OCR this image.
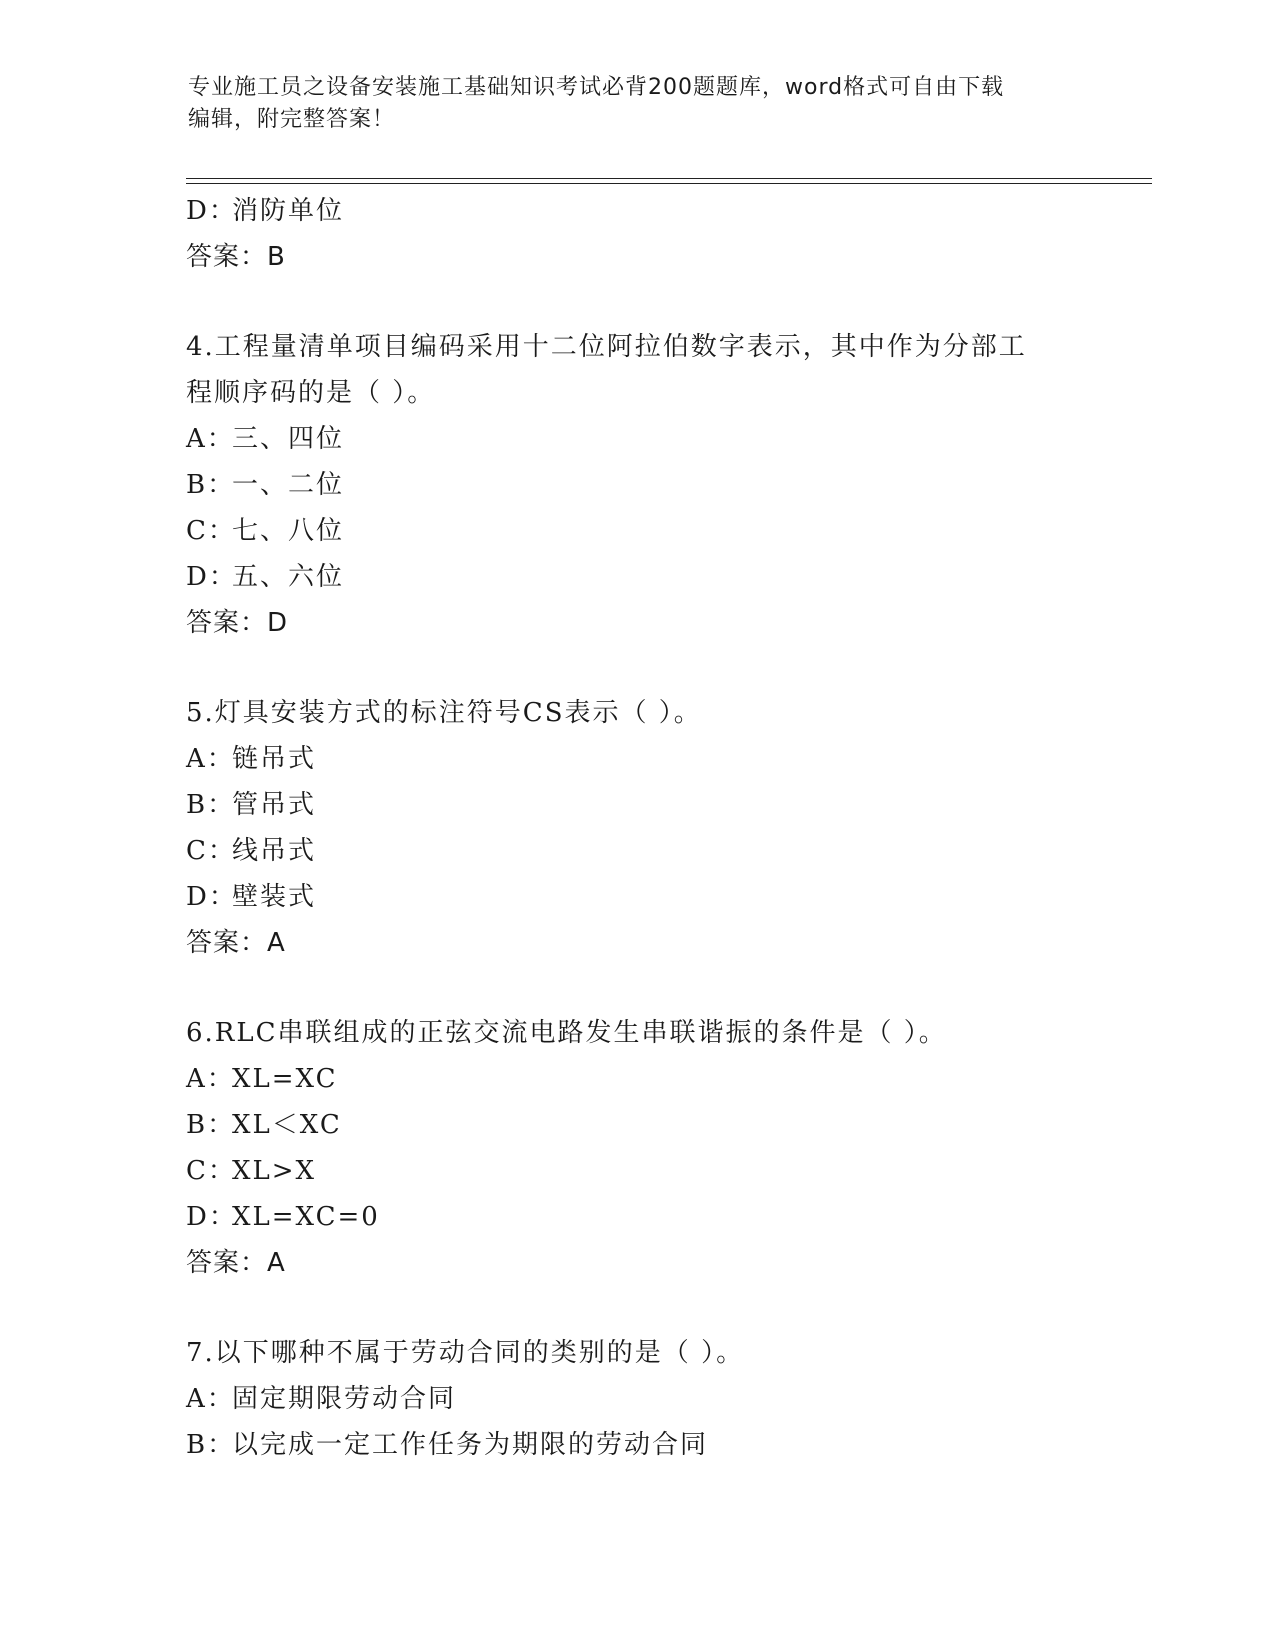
专业施工员之设备安装施工基础知识考试必背200题题库，word格式可自由下载
编辑，附完整答案！
D：消防单位
答案：B
4.工程量清单项目编码采用十二位阿拉伯数字表示，其中作为分部工
程顺序码的是（ ）。
A：三、四位
B：一、二位
C：七、八位
D：五、六位
答案：D
5.灯具安装方式的标注符号CS表示（ ）。
A：链吊式
B：管吊式
C：线吊式
D：壁装式
答案：A
6.RLC串联组成的正弦交流电路发生串联谐振的条件是（ ）。
A：XL=XC
B：XL＜XC
C：XL>X
D：XL=XC=0
答案：A
7.以下哪种不属于劳动合同的类别的是（ ）。
A：固定期限劳动合同
B：以完成一定工作任务为期限的劳动合同
